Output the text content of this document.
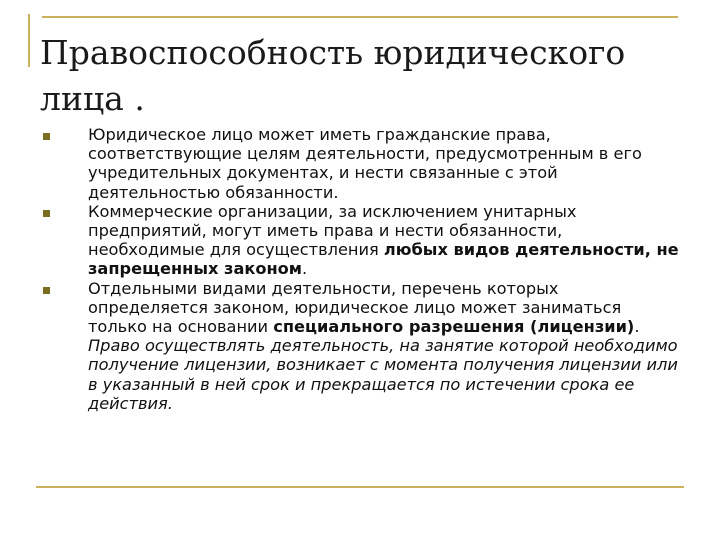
Правоспособность юридического
лица .
Юридическое лицо может иметь гражданские права, соответствующие целям деятельности, предусмотренным в его учредительных документах, и нести связанные с этой деятельностью обязанности.
Коммерческие организации, за исключением унитарных предприятий, могут иметь права и нести обязанности, необходимые для осуществления любых видов деятельности, не запрещенных законом.
Отдельными видами деятельности, перечень которых определяется законом, юридическое лицо может заниматься только на основании специального разрешения (лицензии). Право осуществлять деятельность, на занятие которой необходимо получение лицензии, возникает с момента получения лицензии или в указанный в ней срок и прекращается по истечении срока ее действия.
